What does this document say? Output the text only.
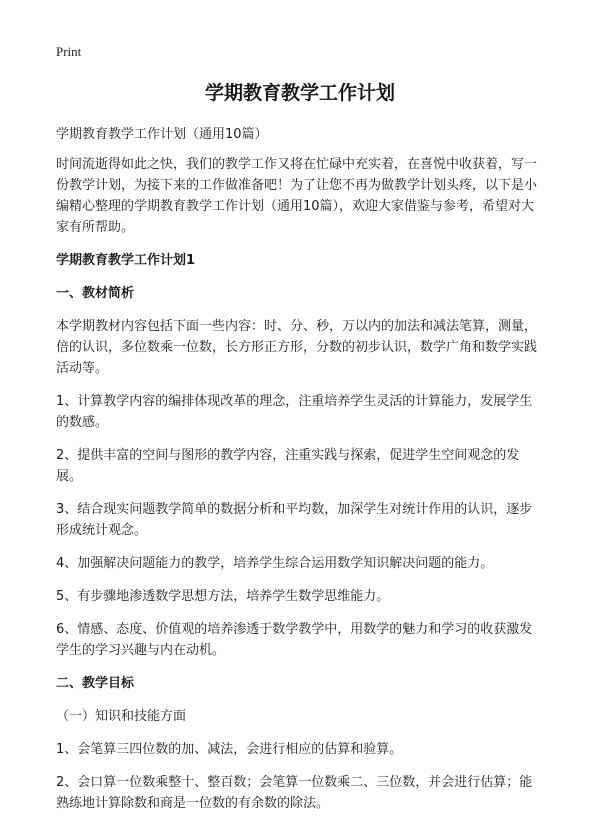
Print
学期教育教学工作计划

学期教育教学工作计划（通用10篇）

时间流逝得如此之快，我们的教学工作又将在忙碌中充实着，在喜悦中收获着，写一份教学计划，为接下来的工作做准备吧！为了让您不再为做教学计划头疼，以下是小编精心整理的学期教育教学工作计划（通用10篇），欢迎大家借鉴与参考，希望对大家有所帮助。

学期教育教学工作计划1
一、教材简析

本学期教材内容包括下面一些内容：时、分、秒，万以内的加法和减法笔算，测量，倍的认识，多位数乘一位数，长方形正方形，分数的初步认识，数学广角和数学实践活动等。

1、计算教学内容的编排体现改革的理念，注重培养学生灵活的计算能力，发展学生的数感。

2、提供丰富的空间与图形的教学内容，注重实践与探索，促进学生空间观念的发展。

3、结合现实问题教学简单的数据分析和平均数，加深学生对统计作用的认识，逐步形成统计观念。

4、加强解决问题能力的教学，培养学生综合运用数学知识解决问题的能力。

5、有步骤地渗透数学思想方法，培养学生数学思维能力。

6、情感、态度、价值观的培养渗透于数学教学中，用数学的魅力和学习的收获激发学生的学习兴趣与内在动机。

二、教学目标

（一）知识和技能方面

1、会笔算三四位数的加、减法，会进行相应的估算和验算。

2、会口算一位数乘整十、整百数；会笔算一位数乘二、三位数，并会进行估算；能熟练地计算除数和商是一位数的有余数的除法。
